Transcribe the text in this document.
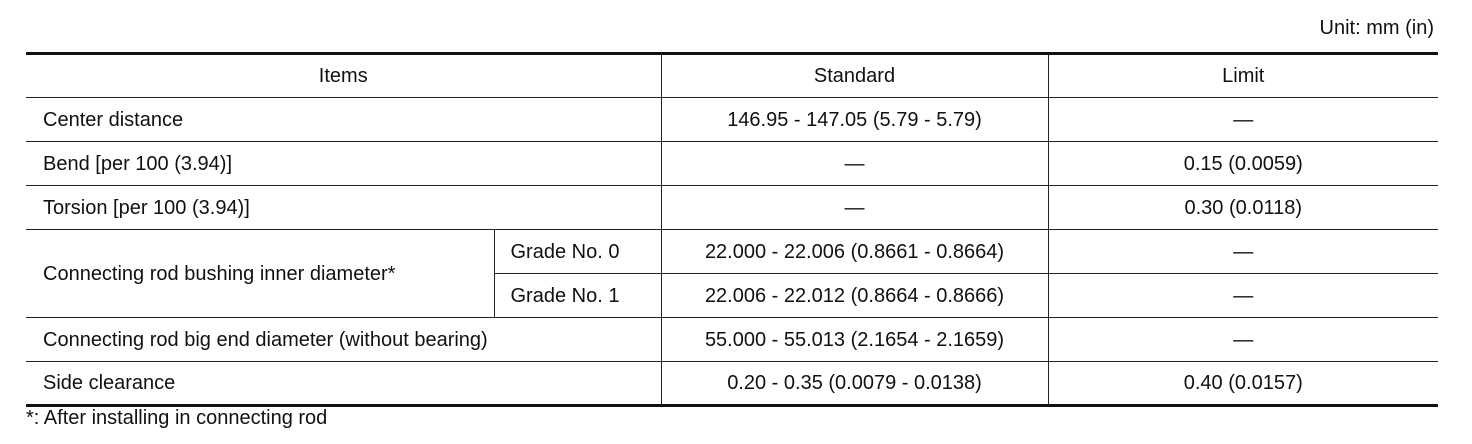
Unit: mm (in)
Items		Standard	Limit
Center distance		146.95 - 147.05 (5.79 - 5.79)	—
Bend [per 100 (3.94)]		—	0.15 (0.0059)
Torsion [per 100 (3.94)]		—	0.30 (0.0118)
Connecting rod bushing inner diameter*	Grade No. 0	22.000 - 22.006 (0.8661 - 0.8664)	—
	Grade No. 1	22.006 - 22.012 (0.8664 - 0.8666)	—
Connecting rod big end diameter (without bearing)		55.000 - 55.013 (2.1654 - 2.1659)	—
Side clearance		0.20 - 0.35 (0.0079 - 0.0138)	0.40 (0.0157)
*: After installing in connecting rod
